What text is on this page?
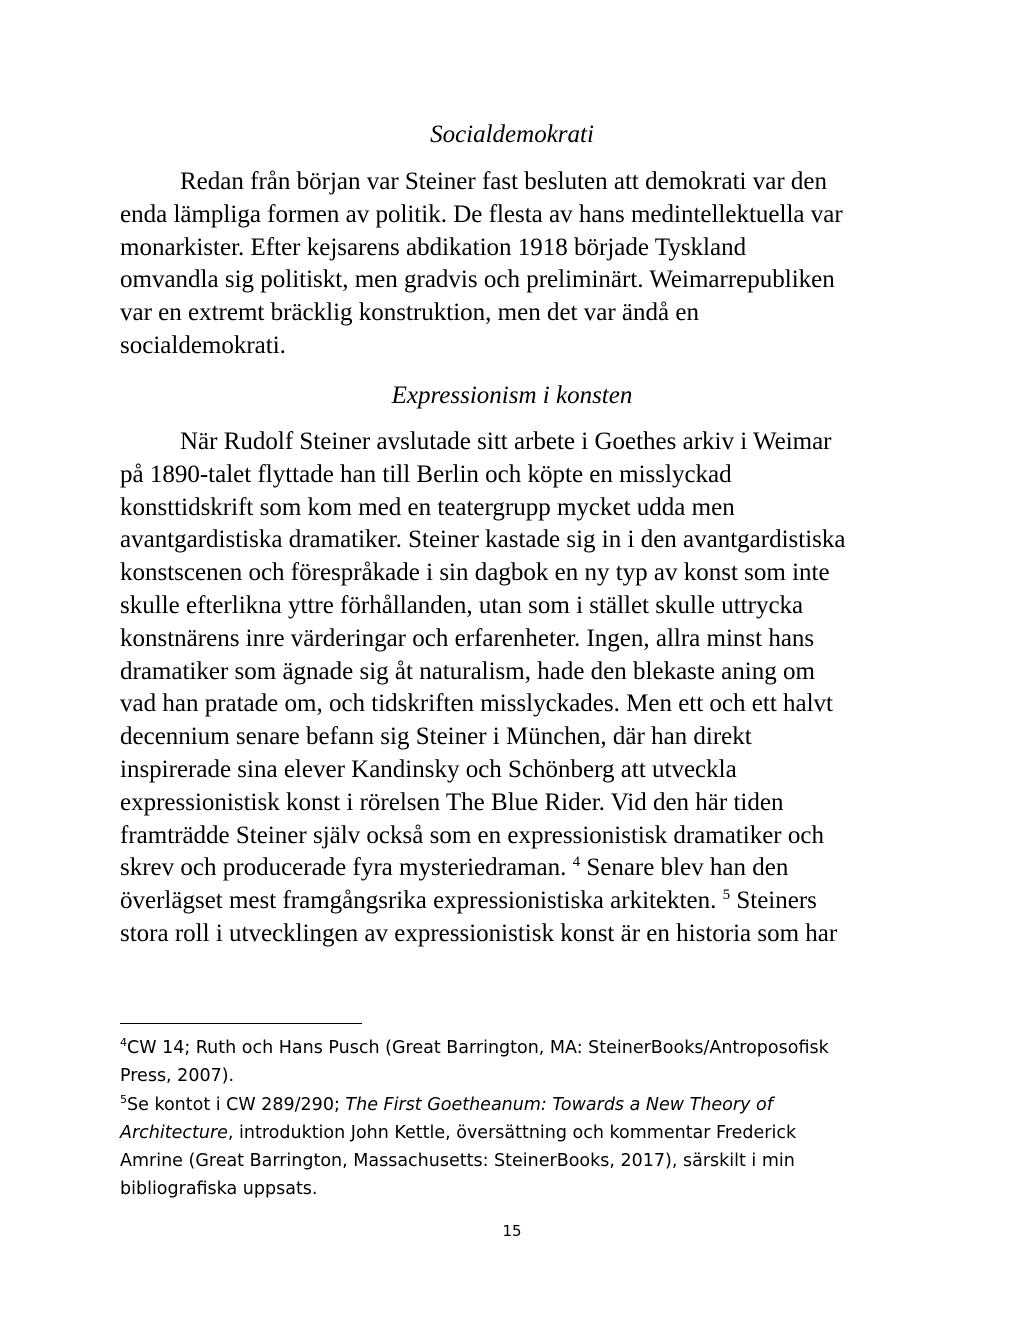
Socialdemokrati
Redan från början var Steiner fast besluten att demokrati var den
enda lämpliga formen av politik. De flesta av hans medintellektuella var
monarkister. Efter kejsarens abdikation 1918 började Tyskland
omvandla sig politiskt, men gradvis och preliminärt. Weimarrepubliken
var en extremt bräcklig konstruktion, men det var ändå en
socialdemokrati.
Expressionism i konsten
När Rudolf Steiner avslutade sitt arbete i Goethes arkiv i Weimar
på 1890-talet flyttade han till Berlin och köpte en misslyckad
konsttidskrift som kom med en teatergrupp mycket udda men
avantgardistiska dramatiker. Steiner kastade sig in i den avantgardistiska
konstscenen och förespråkade i sin dagbok en ny typ av konst som inte
skulle efterlikna yttre förhållanden, utan som i stället skulle uttrycka
konstnärens inre värderingar och erfarenheter. Ingen, allra minst hans
dramatiker som ägnade sig åt naturalism, hade den blekaste aning om
vad han pratade om, och tidskriften misslyckades. Men ett och ett halvt
decennium senare befann sig Steiner i München, där han direkt
inspirerade sina elever Kandinsky och Schönberg att utveckla
expressionistisk konst i rörelsen The Blue Rider. Vid den här tiden
framträdde Steiner själv också som en expressionistisk dramatiker och
skrev och producerade fyra mysteriedraman. $^4$ Senare blev han den
överlägset mest framgångsrika expressionistiska arkitekten. $^5$ Steiners
stora roll i utvecklingen av expressionistisk konst är en historia som har
$^4$CW 14; Ruth och Hans Pusch (Great Barrington, MA: SteinerBooks/Antroposofisk
Press, 2007).
$^5$Se kontot i CW 289/290; The First Goetheanum: Towards a New Theory of
Architecture, introduktion John Kettle, översättning och kommentar Frederick
Amrine (Great Barrington, Massachusetts: SteinerBooks, 2017), särskilt i min
bibliografiska uppsats.
15
